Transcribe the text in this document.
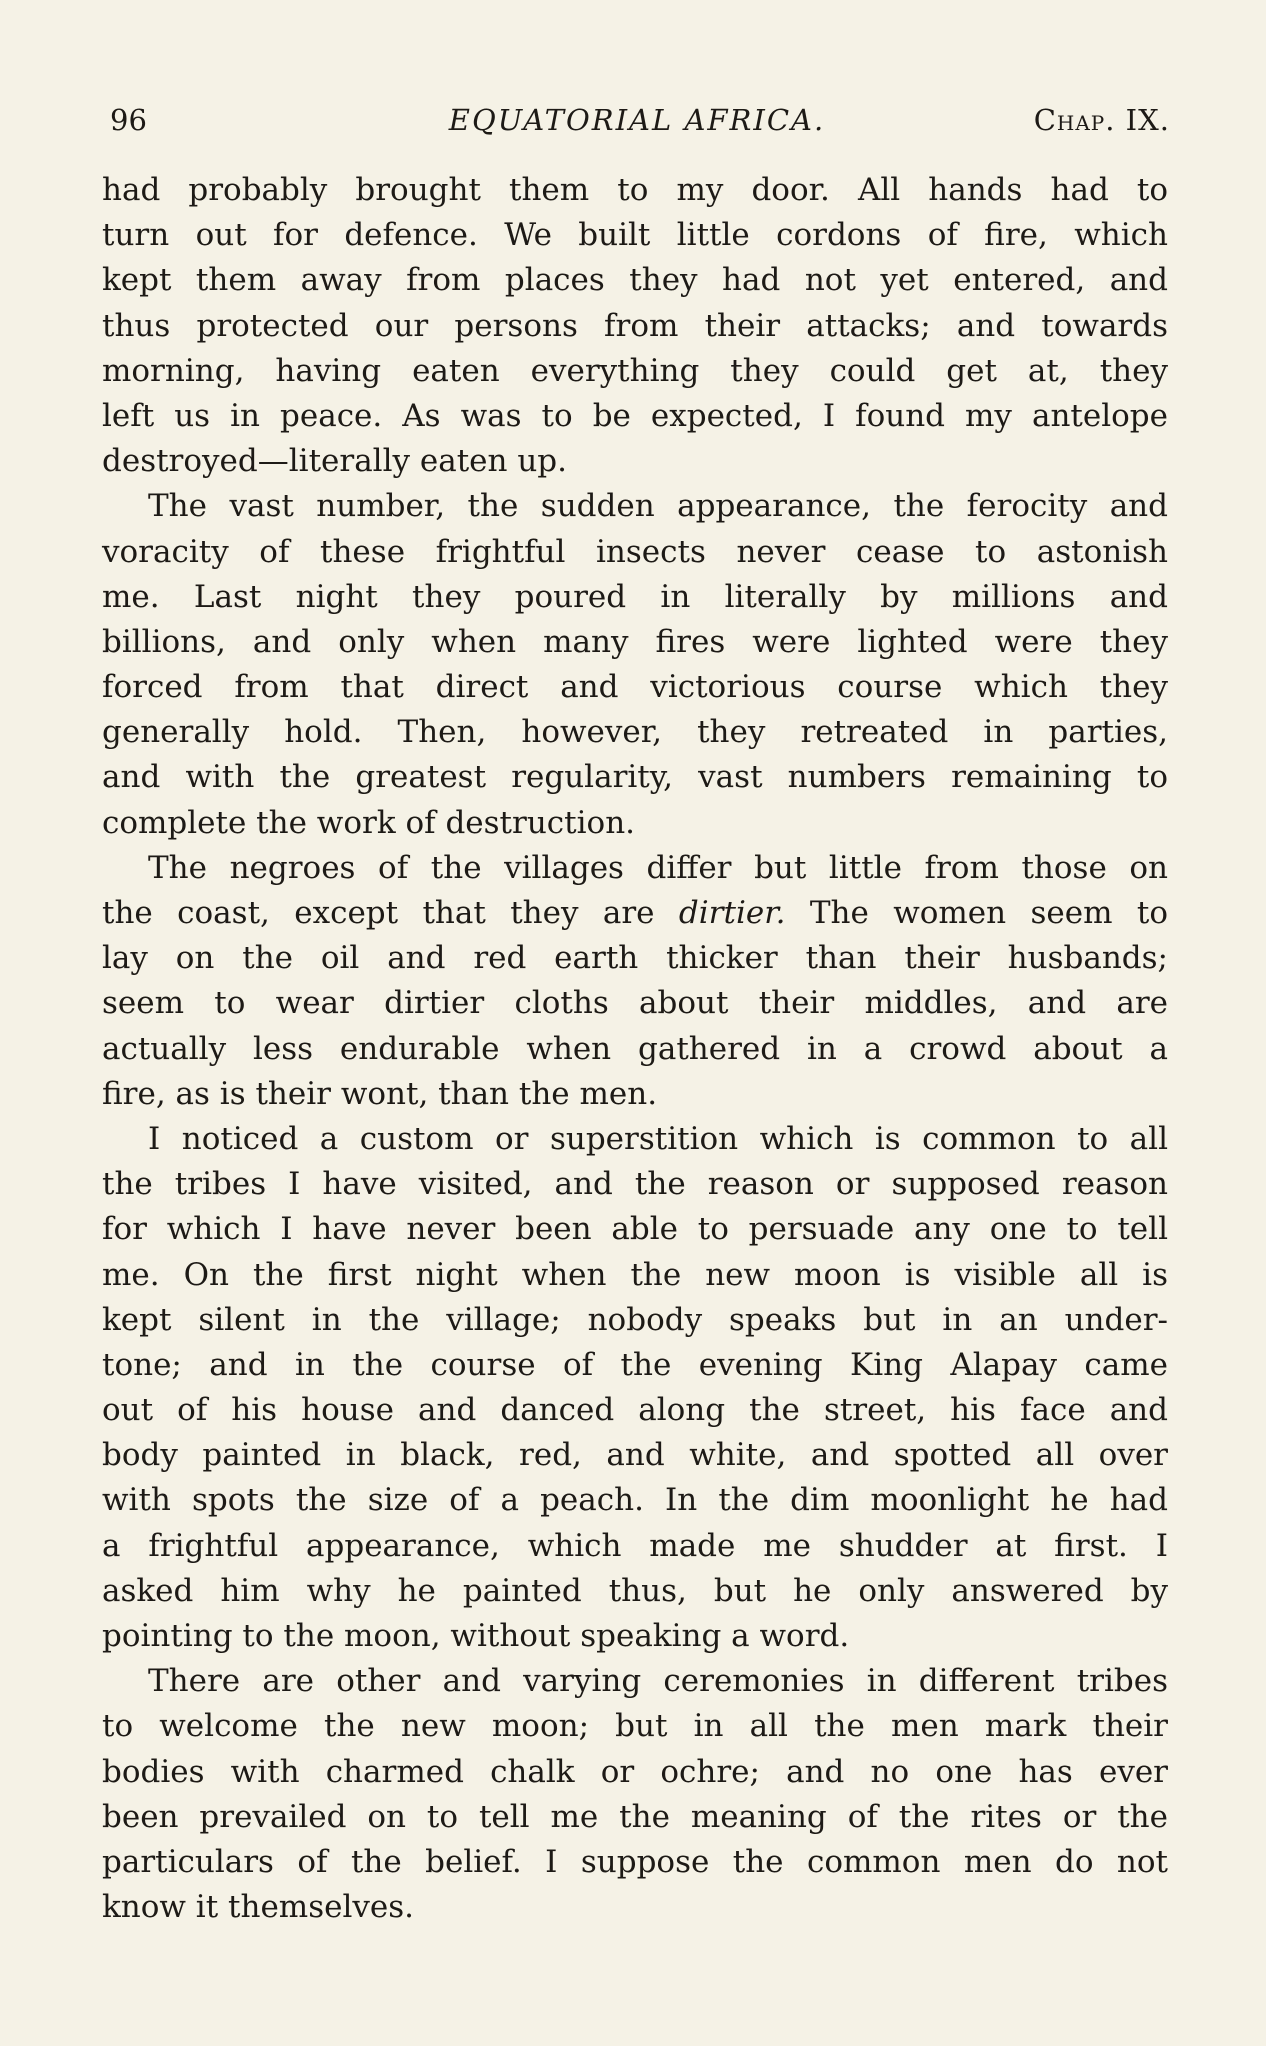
96	EQUATORIAL AFRICA.	Chap. IX.
had probably brought them to my door. All hands had to
turn out for defence. We built little cordons of fire, which
kept them away from places they had not yet entered, and
thus protected our persons from their attacks; and towards
morning, having eaten everything they could get at, they
left us in peace. As was to be expected, I found my antelope
destroyed—literally eaten up.
The vast number, the sudden appearance, the ferocity and
voracity of these frightful insects never cease to astonish
me. Last night they poured in literally by millions and
billions, and only when many fires were lighted were they
forced from that direct and victorious course which they
generally hold. Then, however, they retreated in parties,
and with the greatest regularity, vast numbers remaining to
complete the work of destruction.
The negroes of the villages differ but little from those on
the coast, except that they are dirtier. The women seem to
lay on the oil and red earth thicker than their husbands;
seem to wear dirtier cloths about their middles, and are
actually less endurable when gathered in a crowd about a
fire, as is their wont, than the men.
I noticed a custom or superstition which is common to all
the tribes I have visited, and the reason or supposed reason
for which I have never been able to persuade any one to tell
me. On the first night when the new moon is visible all is
kept silent in the village; nobody speaks but in an under-
tone; and in the course of the evening King Alapay came
out of his house and danced along the street, his face and
body painted in black, red, and white, and spotted all over
with spots the size of a peach. In the dim moonlight he had
a frightful appearance, which made me shudder at first. I
asked him why he painted thus, but he only answered by
pointing to the moon, without speaking a word.
There are other and varying ceremonies in different tribes
to welcome the new moon; but in all the men mark their
bodies with charmed chalk or ochre; and no one has ever
been prevailed on to tell me the meaning of the rites or the
particulars of the belief. I suppose the common men do not
know it themselves.
